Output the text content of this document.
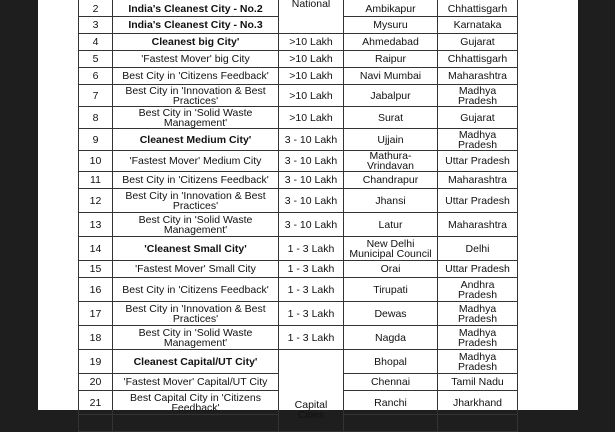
2	India's Cleanest City - No.2	National	Ambikapur	Chhattisgarh
3	India's Cleanest City - No.3		Mysuru	Karnataka
4	Cleanest big City'	>10 Lakh	Ahmedabad	Gujarat
5	'Fastest Mover' big City	>10 Lakh	Raipur	Chhattisgarh
6	Best City in 'Citizens Feedback'	>10 Lakh	Navi Mumbai	Maharashtra
7	Best City in 'Innovation & Best Practices'	>10 Lakh	Jabalpur	Madhya Pradesh
8	Best City in 'Solid Waste Management'	>10 Lakh	Surat	Gujarat
9	Cleanest Medium City'	3 - 10 Lakh	Ujjain	Madhya Pradesh
10	'Fastest Mover' Medium City	3 - 10 Lakh	Mathura-Vrindavan	Uttar Pradesh
11	Best City in 'Citizens Feedback'	3 - 10 Lakh	Chandrapur	Maharashtra
12	Best City in 'Innovation & Best Practices'	3 - 10 Lakh	Jhansi	Uttar Pradesh
13	Best City in 'Solid Waste Management'	3 - 10 Lakh	Latur	Maharashtra
14	'Cleanest Small City'	1 - 3 Lakh	New Delhi Municipal Council	Delhi
15	'Fastest Mover' Small City	1 - 3 Lakh	Orai	Uttar Pradesh
16	Best City in 'Citizens Feedback'	1 - 3 Lakh	Tirupati	Andhra Pradesh
17	Best City in 'Innovation & Best Practices'	1 - 3 Lakh	Dewas	Madhya Pradesh
18	Best City in 'Solid Waste Management'	1 - 3 Lakh	Nagda	Madhya Pradesh
19	Cleanest Capital/UT City'	Capital Cities	Bhopal	Madhya Pradesh
20	'Fastest Mover' Capital/UT City		Chennai	Tamil Nadu
21	Best Capital City in 'Citizens Feedback'		Ranchi	Jharkhand
